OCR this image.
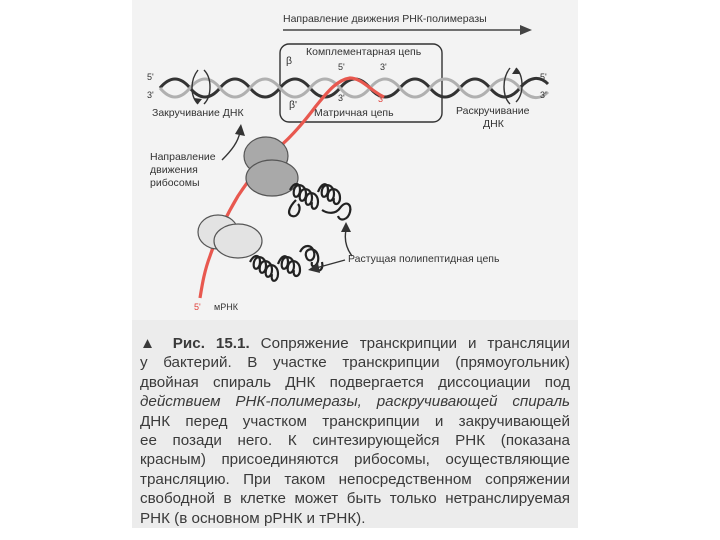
Направление движения РНК-полимеразы
Комплементарная цепь
Матричная цепь
β
β'
5'
3'
5'
3'
5'	3'
3'	3'
Закручивание ДНК	Раскручивание
ДНК
5' мРНК
Растущая полипептидная цепь
Направление
движения
рибосомы
▲ Рис. 15.1. Сопряжение транскрипции и трансляции
у бактерий. В участке транскрипции (прямоугольник)
двойная спираль ДНК подвергается диссоциации под
действием РНК-полимеразы, раскручивающей спираль
ДНК перед участком транскрипции и закручивающей
ее позади него. К синтезирующейся РНК (показана
красным) присоединяются рибосомы, осуществляющие
трансляцию. При таком непосредственном сопряжении
свободной в клетке может быть только нетранслируемая
РНК (в основном рРНК и тРНК).
